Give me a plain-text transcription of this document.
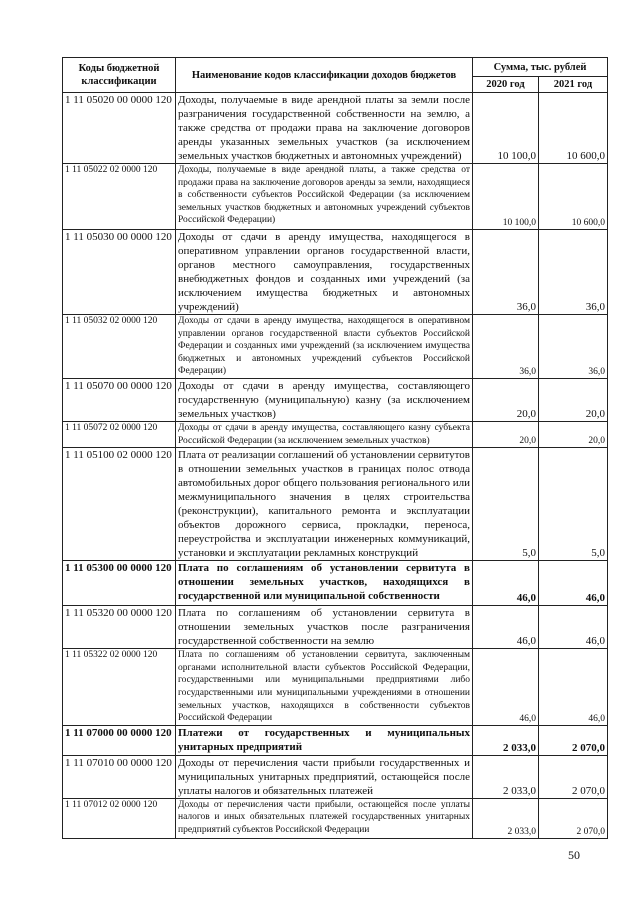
Коды бюджетной классификации	Наименование кодов классификации доходов бюджетов	Сумма, тыс. рублей	
		2020 год	2021 год
1 11 05020 00 0000 120	Доходы, получаемые в виде арендной платы за земли после разграничения государственной собственности на землю, а также средства от продажи права на заключение договоров аренды указанных земельных участков (за исключением земельных участков бюджетных и автономных учреждений)	10 100,0	10 600,0
1 11 05022 02 0000 120	Доходы, получаемые в виде арендной платы, а также средства от продажи права на заключение договоров аренды за земли, находящиеся в собственности субъектов Российской Федерации (за исключением земельных участков бюджетных и автономных учреждений субъектов Российской Федерации)	10 100,0	10 600,0
1 11 05030 00 0000 120	Доходы от сдачи в аренду имущества, находящегося в оперативном управлении органов государственной власти, органов местного самоуправления, государственных внебюджетных фондов и созданных ими учреждений (за исключением имущества бюджетных и автономных учреждений)	36,0	36,0
1 11 05032 02 0000 120	Доходы от сдачи в аренду имущества, находящегося в оперативном управлении органов государственной власти субъектов Российской Федерации и созданных ими учреждений (за исключением имущества бюджетных и автономных учреждений субъектов Российской Федерации)	36,0	36,0
1 11 05070 00 0000 120	Доходы от сдачи в аренду имущества, составляющего государственную (муниципальную) казну (за исключением земельных участков)	20,0	20,0
1 11 05072 02 0000 120	Доходы от сдачи в аренду имущества, составляющего казну субъекта Российской Федерации (за исключением земельных участков)	20,0	20,0
1 11 05100 02 0000 120	Плата от реализации соглашений об установлении сервитутов в отношении земельных участков в границах полос отвода автомобильных дорог общего пользования регионального или межмуниципального значения в целях строительства (реконструкции), капитального ремонта и эксплуатации объектов дорожного сервиса, прокладки, переноса, переустройства и эксплуатации инженерных коммуникаций, установки и эксплуатации рекламных конструкций	5,0	5,0
1 11 05300 00 0000 120	Плата по соглашениям об установлении сервитута в отношении земельных участков, находящихся в государственной или муниципальной собственности	46,0	46,0
1 11 05320 00 0000 120	Плата по соглашениям об установлении сервитута в отношении земельных участков после разграничения государственной собственности на землю	46,0	46,0
1 11 05322 02 0000 120	Плата по соглашениям об установлении сервитута, заключенным органами исполнительной власти субъектов Российской Федерации, государственными или муниципальными предприятиями либо государственными или муниципальными учреждениями в отношении земельных участков, находящихся в собственности субъектов Российской Федерации	46,0	46,0
1 11 07000 00 0000 120	Платежи от государственных и муниципальных унитарных предприятий	2 033,0	2 070,0
1 11 07010 00 0000 120	Доходы от перечисления части прибыли государственных и муниципальных унитарных предприятий, остающейся после уплаты налогов и обязательных платежей	2 033,0	2 070,0
1 11 07012 02 0000 120	Доходы от перечисления части прибыли, остающейся после уплаты налогов и иных обязательных платежей государственных унитарных предприятий субъектов Российской Федерации	2 033,0	2 070,0
50
